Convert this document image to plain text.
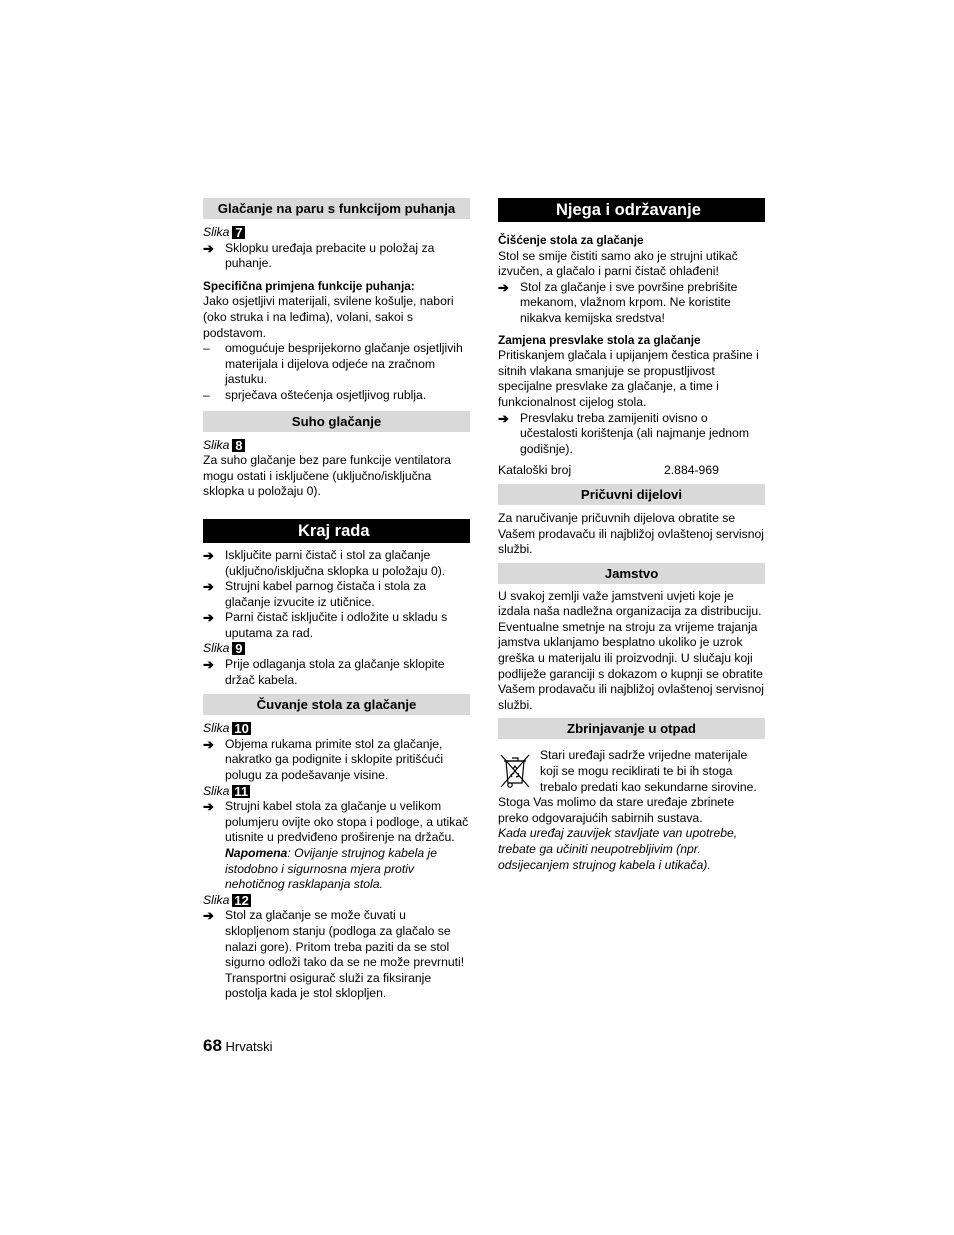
Glačanje na paru s funkcijom puhanja

Slika 7

➔ Sklopku uređaja prebacite u položaj za puhanje.

Specifična primjena funkcije puhanja:

Jako osjetljivi materijali, svilene košulje, nabori (oko struka i na leđima), volani, sakoi s podstavom.

– omogućuje besprijekorno glačanje osjetljivih materijala i dijelova odjeće na zračnom jastuku.
– sprječava oštećenja osjetljivog rublja.
Suho glačanje

Slika 8

Za suho glačanje bez pare funkcije ventilatora mogu ostati i isključene (uključno/isključna sklopka u položaju 0).

Kraj rada
➔ Isključite parni čistač i stol za glačanje (uključno/isključna sklopka u položaju 0).
➔ Strujni kabel parnog čistača i stola za glačanje izvucite iz utičnice.
➔ Parni čistač isključite i odložite u skladu s uputama za rad.

Slika 9

➔ Prije odlaganja stola za glačanje sklopite držač kabela.
Čuvanje stola za glačanje

Slika 10

➔ Objema rukama primite stol za glačanje, nakratko ga podignite i sklopite pritišćući polugu za podešavanje visine.

Slika 11

➔ Strujni kabel stola za glačanje u velikom polumjeru ovijte oko stopa i podloge, a utikač utisnite u predviđeno proširenje na držaču.
Napomena: Ovijanje strujnog kabela je istodobno i sigurnosna mjera protiv nehotičnog rasklapanja stola.

Slika 12

➔ Stol za glačanje se može čuvati u sklopljenom stanju (podloga za glačalo se nalazi gore). Pritom treba paziti da se stol sigurno odloži tako da se ne može prevrnuti! Transportni osigurač služi za fiksiranje postolja kada je stol sklopljen.
Njega i održavanje

Čišćenje stola za glačanje

Stol se smije čistiti samo ako je strujni utikač izvučen, a glačalo i parni čistač ohlađeni!

➔ Stol za glačanje i sve površine prebrišite mekanom, vlažnom krpom. Ne koristite nikakva kemijska sredstva!

Zamjena presvlake stola za glačanje

Pritiskanjem glačala i upijanjem čestica prašine i sitnih vlakana smanjuje se propustljivost specijalne presvlake za glačanje, a time i funkcionalnost cijelog stola.

➔ Presvlaku treba zamijeniti ovisno o učestalosti korištenja (ali najmanje jednom godišnje).
Kataloški broj	2.884-969
Pričuvni dijelovi

Za naručivanje pričuvnih dijelova obratite se Vašem prodavaču ili najbližoj ovlaštenoj servisnoj službi.

Jamstvo

U svakoj zemlji važe jamstveni uvjeti koje je izdala naša nadležna organizacija za distribuciju. Eventualne smetnje na stroju za vrijeme trajanja jamstva uklanjamo besplatno ukoliko je uzrok greška u materijalu ili proizvodnji. U slučaju koji podliježe garanciji s dokazom o kupnji se obratite Vašem prodavaču ili najbližoj ovlaštenoj servisnoj službi.

Zbrinjavanje u otpad
Stari uređaji sadrže vrijedne materijale koji se mogu reciklirati te bi ih stoga trebalo predati kao sekundarne sirovine.

Stoga Vas molimo da stare uređaje zbrinete preko odgovarajućih sabirnih sustava.

Kada uređaj zauvijek stavljate van upotrebe, trebate ga učiniti neupotrebljivim (npr. odsijecanjem strujnog kabela i utikača).

68 Hrvatski
